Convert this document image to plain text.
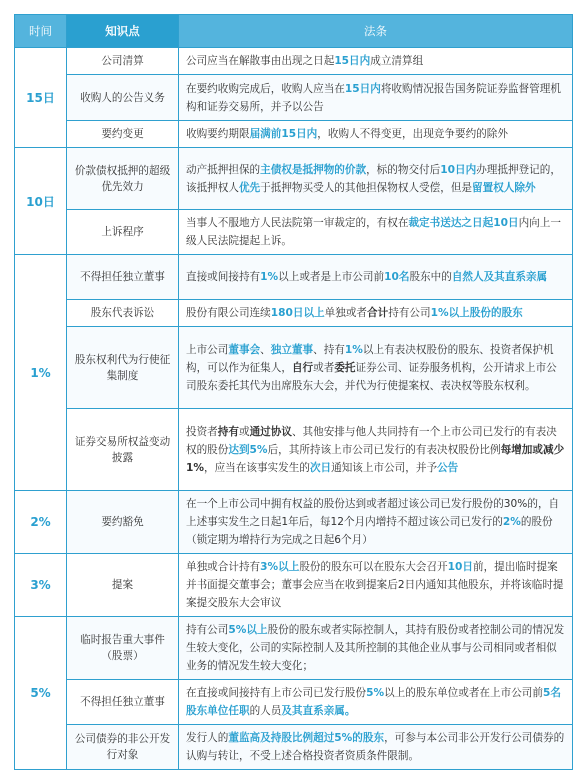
时间	知识点	法条
15日	公司清算	公司应当在解散事由出现之日起15日内成立清算组
	收购人的公告义务	在要约收购完成后，收购人应当在15日内将收购情况报告国务院证券监督管理机构和证券交易所，并予以公告
	要约变更	收购要约期限届满前15日内，收购人不得变更，出现竞争要约的除外
10日	价款债权抵押的超级优先效力	动产抵押担保的主债权是抵押物的价款，标的物交付后10日内办理抵押登记的，该抵押权人优先于抵押物买受人的其他担保物权人受偿，但是留置权人除外
	上诉程序	当事人不服地方人民法院第一审裁定的，有权在裁定书送达之日起10日内向上一级人民法院提起上诉。
1%	不得担任独立董事	直接或间接持有1%以上或者是上市公司前10名股东中的自然人及其直系亲属
	股东代表诉讼	股份有限公司连续180日以上单独或者合计持有公司1%以上股份的股东
	股东权利代为行使征集制度	上市公司董事会、独立董事、持有1%以上有表决权股份的股东、投资者保护机构，可以作为征集人，自行或者委托证券公司、证券服务机构，公开请求上市公司股东委托其代为出席股东大会，并代为行使提案权、表决权等股东权利。
	证券交易所权益变动披露	投资者持有或通过协议、其他安排与他人共同持有一个上市公司已发行的有表决权的股份达到5%后，其所持该上市公司已发行的有表决权股份比例每增加或减少1%，应当在该事实发生的次日通知该上市公司，并予公告
2%	要约豁免	在一个上市公司中拥有权益的股份达到或者超过该公司已发行股份的30%的，自上述事实发生之日起1年后，每12个月内增持不超过该公司已发行的2%的股份（锁定期为增持行为完成之日起6个月）
3%	提案	单独或合计持有3%以上股份的股东可以在股东大会召开10日前，提出临时提案并书面提交董事会；董事会应当在收到提案后2日内通知其他股东，并将该临时提案提交股东大会审议
5%	临时报告重大事件（股票）	持有公司5%以上股份的股东或者实际控制人，其持有股份或者控制公司的情况发生较大变化，公司的实际控制人及其所控制的其他企业从事与公司相同或者相似业务的情况发生较大变化；
	不得担任独立董事	在直接或间接持有上市公司已发行股份5%以上的股东单位或者在上市公司前5名股东单位任职的人员及其直系亲属。
	公司债券的非公开发行对象	发行人的董监高及持股比例超过5%的股东，可参与本公司非公开发行公司债券的认购与转让，不受上述合格投资者资质条件限制。
